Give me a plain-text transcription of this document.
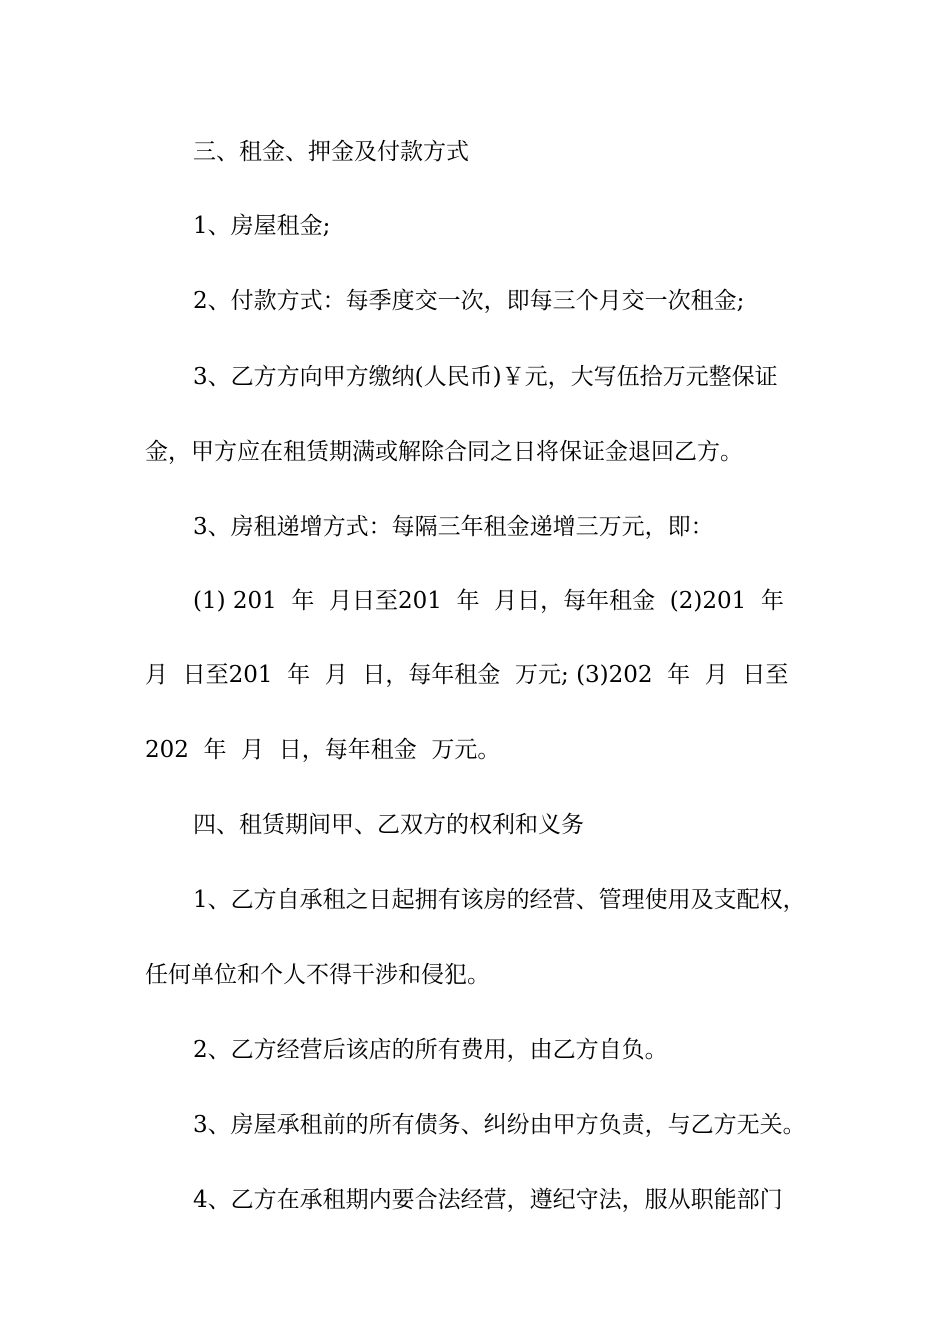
三、租金、押金及付款方式
1、房屋租金;
2、付款方式：每季度交一次，即每三个月交一次租金;
3、乙方方向甲方缴纳(人民币)￥元，大写伍拾万元整保证
金，甲方应在租赁期满或解除合同之日将保证金退回乙方。
3、房租递增方式：每隔三年租金递增三万元，即：
(1) 201  年  月日至201  年  月日，每年租金  (2)201  年
月  日至201  年  月  日，每年租金  万元; (3)202  年  月  日至
202  年  月  日，每年租金  万元。
四、租赁期间甲、乙双方的权利和义务
1、乙方自承租之日起拥有该房的经营、管理使用及支配权，
任何单位和个人不得干涉和侵犯。
2、乙方经营后该店的所有费用，由乙方自负。
3、房屋承租前的所有债务、纠纷由甲方负责，与乙方无关。
4、乙方在承租期内要合法经营，遵纪守法，服从职能部门
